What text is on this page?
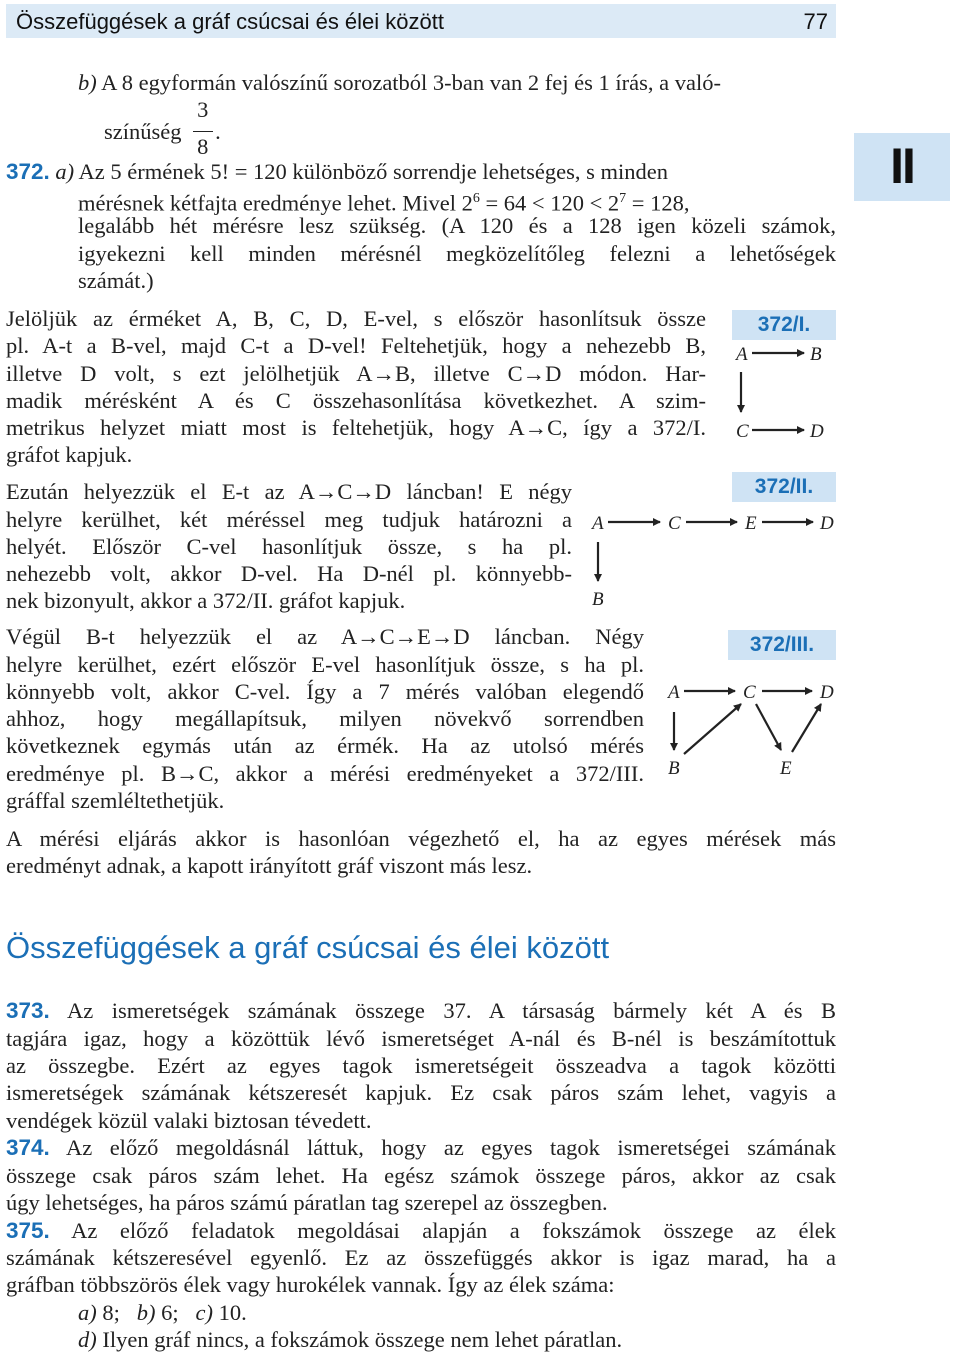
Összefüggések a gráf csúcsai és élei között	77
II
b) A 8 egyformán valószínű sorozatból 3-ban van 2 fej és 1 írás, a való-
színűség $\frac{3}{8}$ .
372. a) Az 5 érmének 5! = 120 különböző sorrendje lehetséges, s minden
mérésnek kétfajta eredménye lehet. Mivel $2^6 = 64 < 120 < 2^7 = 128$,
legalább hét mérésre lesz szükség. (A 120 és a 128 igen közeli számok,
igyekezni kell minden mérésnél megközelítőleg felezni a lehetőségek
számát.)
Jelöljük az érméket A, B, C, D, E-vel, s először hasonlítsuk össze
pl. A-t a B-vel, majd C-t a D-vel! Feltehetjük, hogy a nehezebb B,
illetve D volt, s ezt jelölhetjük A→B, illetve C→D módon. Har-
madik mérésként A és C összehasonlítása következhet. A szim-
metrikus helyzet miatt most is feltehetjük, hogy A→C, így a 372/I.
gráfot kapjuk.
Ezután helyezzük el E-t az A→C→D láncban! E négy
helyre kerülhet, két méréssel meg tudjuk határozni a
helyét. Először C-vel hasonlítjuk össze, s ha pl.
nehezebb volt, akkor D-vel. Ha D-nél pl. könnyebb-
nek bizonyult, akkor a 372/II. gráfot kapjuk.
Végül B-t helyezzük el az A→C→E→D láncban. Négy
helyre kerülhet, ezért először E-vel hasonlítjuk össze, s ha pl.
könnyebb volt, akkor C-vel. Így a 7 mérés valóban elegendő
ahhoz, hogy megállapítsuk, milyen növekvő sorrendben
következnek egymás után az érmék. Ha az utolsó mérés
eredménye pl. B→C, akkor a mérési eredményeket a 372/III.
gráffal szemléltethetjük.
A mérési eljárás akkor is hasonlóan végezhető el, ha az egyes mérések más
eredményt adnak, a kapott irányított gráf viszont más lesz.
372/I.
A	B
C	D
372/II.
A	C	E	D
B
372/III.
A	C	D
B	E
Összefüggések a gráf csúcsai és élei között
373. Az ismeretségek számának összege 37. A társaság bármely két A és B
tagjára igaz, hogy a közöttük lévő ismeretséget A-nál és B-nél is beszámítottuk
az összegbe. Ezért az egyes tagok ismeretségeit összeadva a tagok közötti
ismeretségek számának kétszeresét kapjuk. Ez csak páros szám lehet, vagyis a
vendégek közül valaki biztosan tévedett.
374. Az előző megoldásnál láttuk, hogy az egyes tagok ismeretségei számának
összege csak páros szám lehet. Ha egész számok összege páros, akkor az csak
úgy lehetséges, ha páros számú páratlan tag szerepel az összegben.
375. Az előző feladatok megoldásai alapján a fokszámok összege az élek
számának kétszeresével egyenlő. Ez az összefüggés akkor is igaz marad, ha a
gráfban többszörös élek vagy hurokélek vannak. Így az élek száma:
a) 8; b) 6; c) 10.
d) Ilyen gráf nincs, a fokszámok összege nem lehet páratlan.
